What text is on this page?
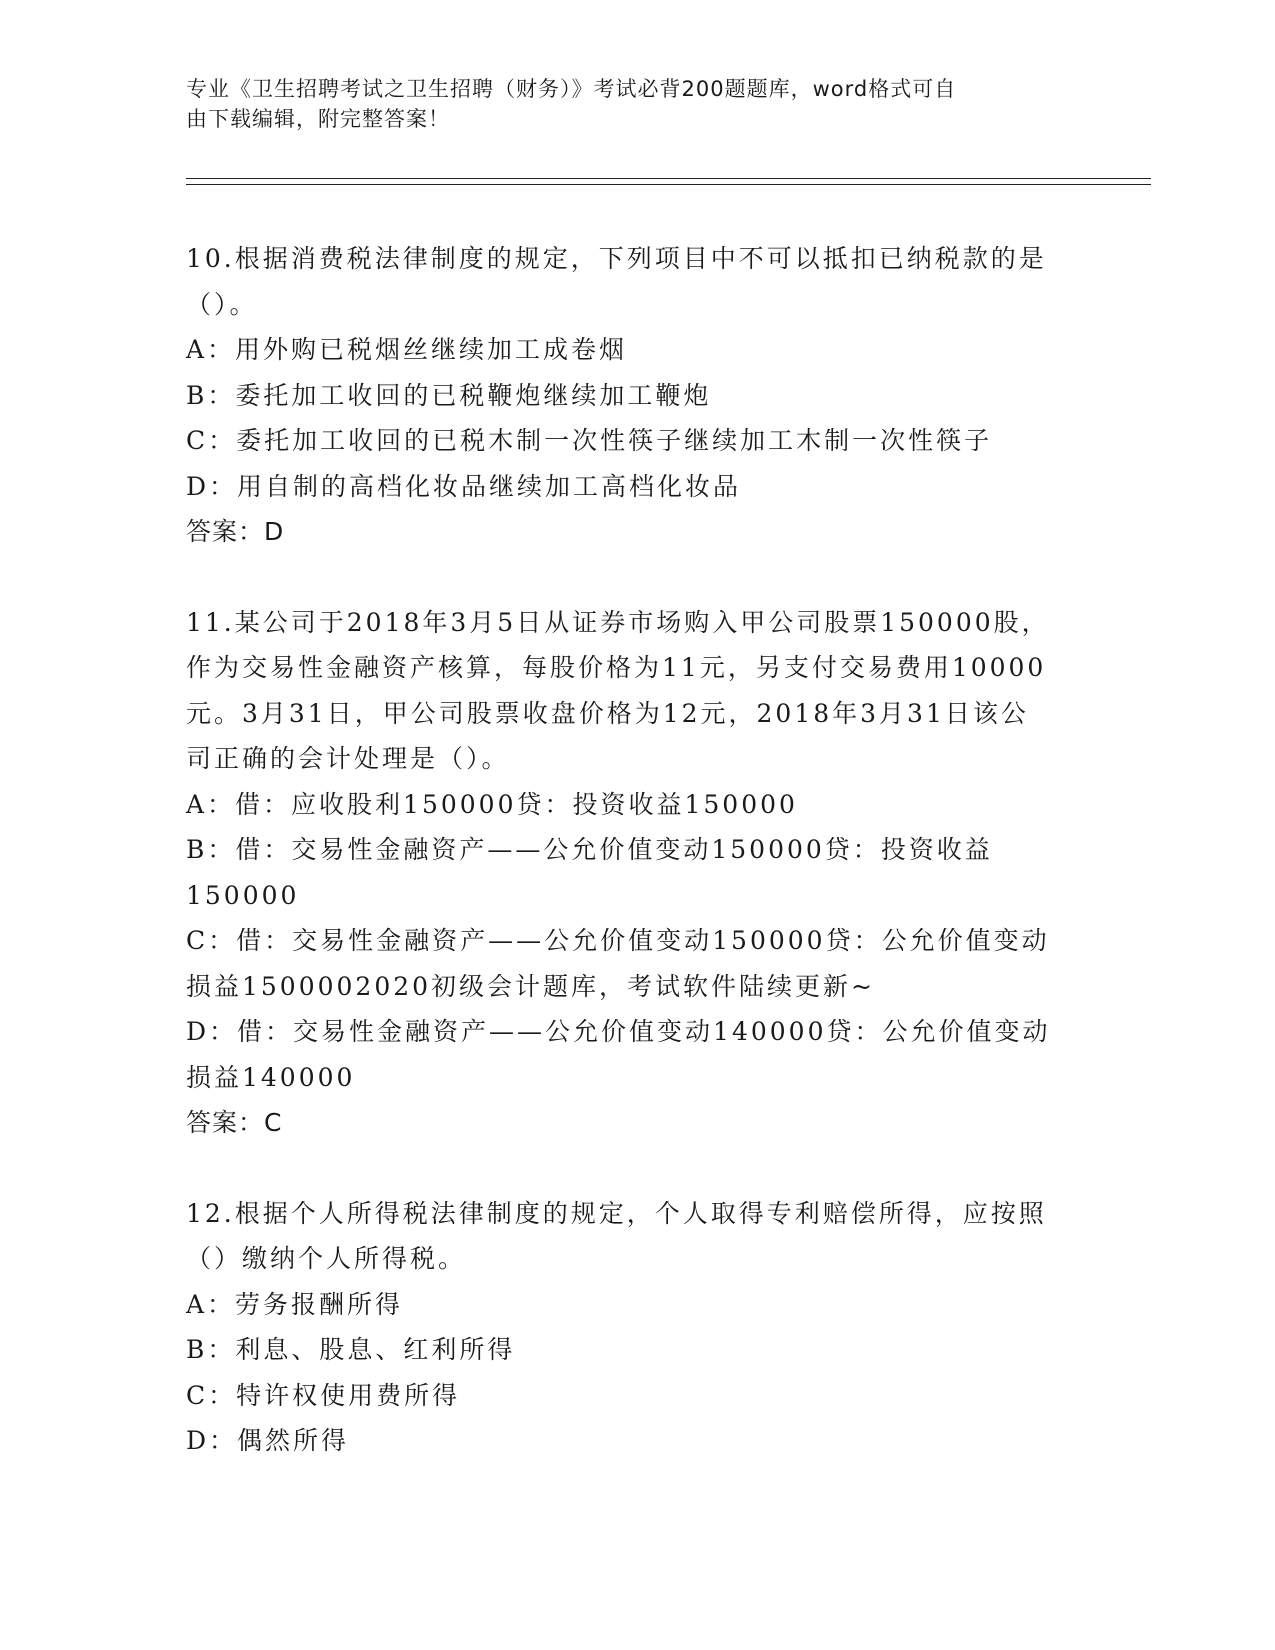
专业《卫生招聘考试之卫生招聘（财务）》考试必背200题题库，word格式可自
由下载编辑，附完整答案！
10.根据消费税法律制度的规定，下列项目中不可以抵扣已纳税款的是
（）。
A：用外购已税烟丝继续加工成卷烟
B：委托加工收回的已税鞭炮继续加工鞭炮
C：委托加工收回的已税木制一次性筷子继续加工木制一次性筷子
D：用自制的高档化妆品继续加工高档化妆品
答案：D
11.某公司于2018年3月5日从证券市场购入甲公司股票150000股，
作为交易性金融资产核算，每股价格为11元，另支付交易费用10000
元。3月31日，甲公司股票收盘价格为12元，2018年3月31日该公
司正确的会计处理是（）。
A：借：应收股利150000贷：投资收益150000
B：借：交易性金融资产——公允价值变动150000贷：投资收益
150000
C：借：交易性金融资产——公允价值变动150000贷：公允价值变动
损益1500002020初级会计题库，考试软件陆续更新~
D：借：交易性金融资产——公允价值变动140000贷：公允价值变动
损益140000
答案：C
12.根据个人所得税法律制度的规定，个人取得专利赔偿所得，应按照
（）缴纳个人所得税。
A：劳务报酬所得
B：利息、股息、红利所得
C：特许权使用费所得
D：偶然所得
